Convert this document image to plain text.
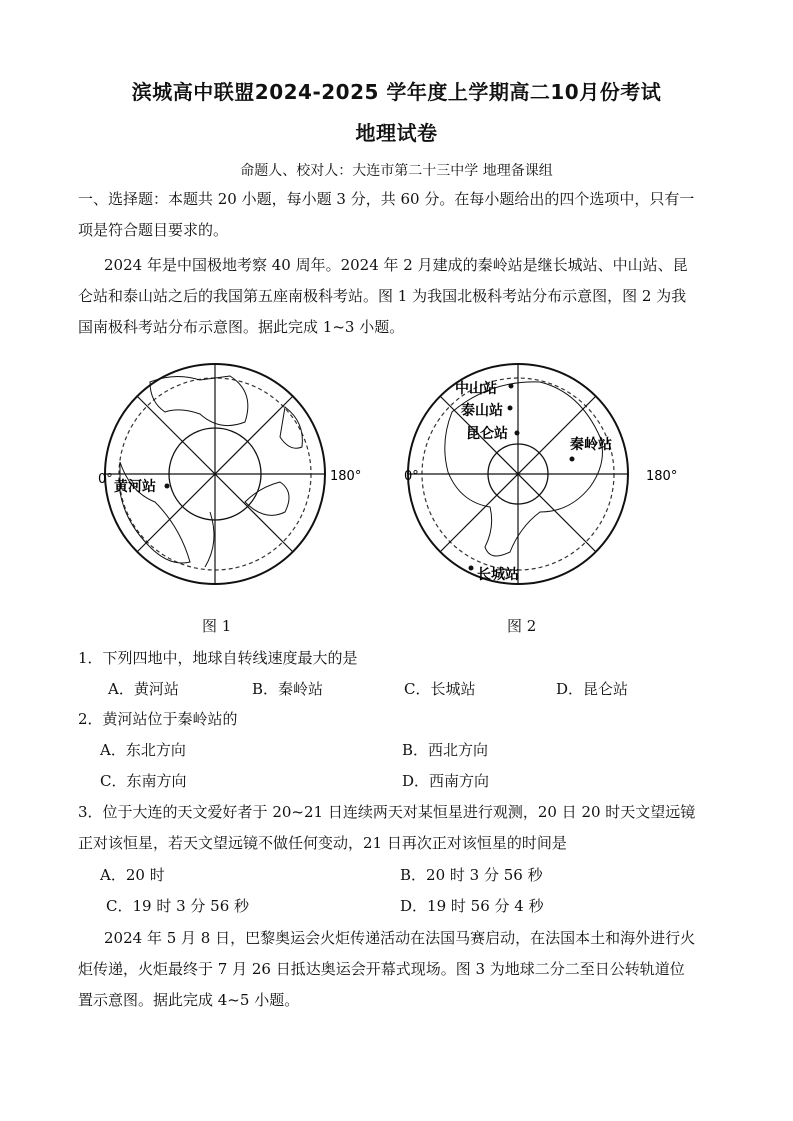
滨城高中联盟2024-2025 学年度上学期高二10月份考试
地理试卷
命题人、校对人：大连市第二十三中学 地理备课组
一、选择题：本题共 20 小题，每小题 3 分，共 60 分。在每小题给出的四个选项中，只有一
项是符合题目要求的。
2024 年是中国极地考察 40 周年。2024 年 2 月建成的秦岭站是继长城站、中山站、昆
仑站和泰山站之后的我国第五座南极科考站。图 1 为我国北极科考站分布示意图，图 2 为我
国南极科考站分布示意图。据此完成 1~3 小题。
0°	180°
黄河站
图 1
0°	180°
中山站
泰山站
昆仑站
秦岭站
长城站
图 2
1．下列四地中，地球自转线速度最大的是
A．黄河站	B．秦岭站	C．长城站	D．昆仑站
2．黄河站位于秦岭站的
A．东北方向	B．西北方向
C．东南方向	D．西南方向
3．位于大连的天文爱好者于 20~21 日连续两天对某恒星进行观测，20 日 20 时天文望远镜
正对该恒星，若天文望远镜不做任何变动，21 日再次正对该恒星的时间是
A．20 时	B．20 时 3 分 56 秒
C．19 时 3 分 56 秒	D．19 时 56 分 4 秒
2024 年 5 月 8 日，巴黎奥运会火炬传递活动在法国马赛启动，在法国本土和海外进行火
炬传递，火炬最终于 7 月 26 日抵达奥运会开幕式现场。图 3 为地球二分二至日公转轨道位
置示意图。据此完成 4~5 小题。
